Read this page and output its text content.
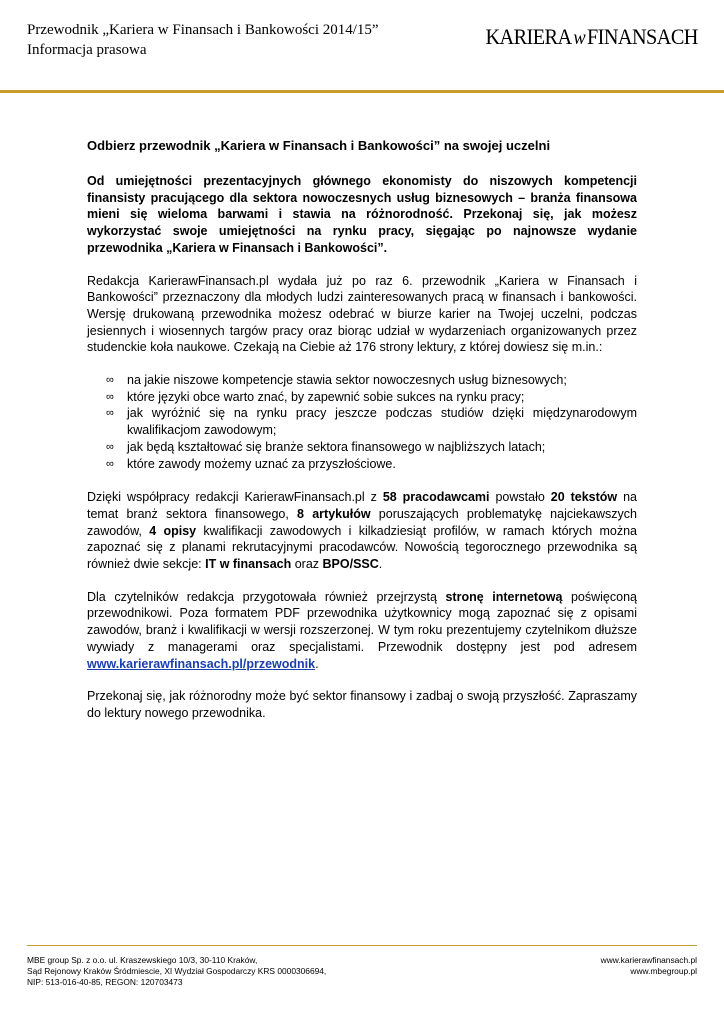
Przewodnik „Kariera w Finansach i Bankowości 2014/15”
Informacja prasowa
KARIERAwFINANSACH
Odbierz przewodnik „Kariera w Finansach i Bankowości” na swojej uczelni

Od umiejętności prezentacyjnych głównego ekonomisty do niszowych kompetencji finansisty pracującego dla sektora nowoczesnych usług biznesowych – branża finansowa mieni się wieloma barwami i stawia na różnorodność. Przekonaj się, jak możesz wykorzystać swoje umiejętności na rynku pracy, sięgając po najnowsze wydanie przewodnika „Kariera w Finansach i Bankowości”.

Redakcja KarierawFinansach.pl wydała już po raz 6. przewodnik „Kariera w Finansach i Bankowości” przeznaczony dla młodych ludzi zainteresowanych pracą w finansach i bankowości. Wersję drukowaną przewodnika możesz odebrać w biurze karier na Twojej uczelni, podczas jesiennych i wiosennych targów pracy oraz biorąc udział w wydarzeniach organizowanych przez studenckie koła naukowe. Czekają na Ciebie aż 176 strony lektury, z której dowiesz się m.in.:

∞ na jakie niszowe kompetencje stawia sektor nowoczesnych usług biznesowych;
∞ które języki obce warto znać, by zapewnić sobie sukces na rynku pracy;
∞ jak wyróżnić się na rynku pracy jeszcze podczas studiów dzięki międzynarodowym kwalifikacjom zawodowym;
∞ jak będą kształtować się branże sektora finansowego w najbliższych latach;
∞ które zawody możemy uznać za przyszłościowe.

Dzięki współpracy redakcji KarierawFinansach.pl z 58 pracodawcami powstało 20 tekstów na temat branż sektora finansowego, 8 artykułów poruszających problematykę najciekawszych zawodów, 4 opisy kwalifikacji zawodowych i kilkadziesiąt profilów, w ramach których można zapoznać się z planami rekrutacyjnymi pracodawców. Nowością tegorocznego przewodnika są również dwie sekcje: IT w finansach oraz BPO/SSC.

Dla czytelników redakcja przygotowała również przejrzystą stronę internetową poświęconą przewodnikowi. Poza formatem PDF przewodnika użytkownicy mogą zapoznać się z opisami zawodów, branż i kwalifikacji w wersji rozszerzonej. W tym roku prezentujemy czytelnikom dłuższe wywiady z managerami oraz specjalistami. Przewodnik dostępny jest pod adresem www.karierawfinansach.pl/przewodnik.

Przekonaj się, jak różnorodny może być sektor finansowy i zadbaj o swoją przyszłość. Zapraszamy do lektury nowego przewodnika.

MBE group Sp. z o.o. ul. Kraszewskiego 10/3, 30-110 Kraków,
Sąd Rejonowy Kraków Śródmiescie, XI Wydział Gospodarczy KRS 0000306694,
NIP: 513-016-40-85, REGON: 120703473
www.karierawfinansach.pl
www.mbegroup.pl
